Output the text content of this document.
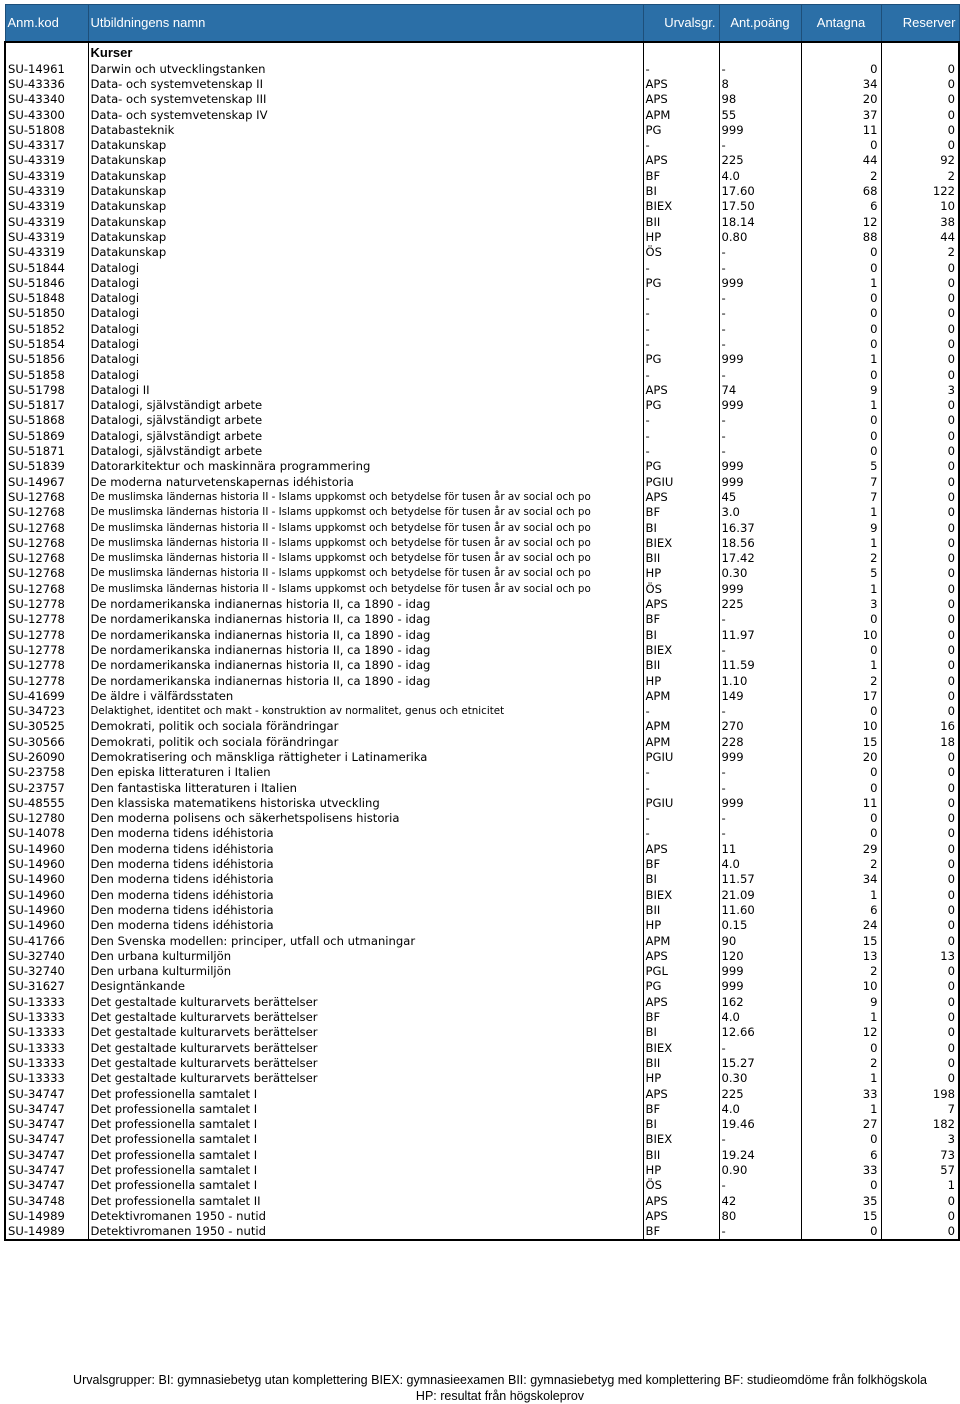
Anm.kod	Utbildningens namn	Urvalsgr.	Ant.poäng	Antagna	Reserver
	Kurser				
SU-14961	Darwin och utvecklingstanken	-	-	0	0
SU-43336	Data- och systemvetenskap II	APS	8	34	0
SU-43340	Data- och systemvetenskap III	APS	98	20	0
SU-43300	Data- och systemvetenskap IV	APM	55	37	0
SU-51808	Databasteknik	PG	999	11	0
SU-43317	Datakunskap	-	-	0	0
SU-43319	Datakunskap	APS	225	44	92
SU-43319	Datakunskap	BF	4.0	2	2
SU-43319	Datakunskap	BI	17.60	68	122
SU-43319	Datakunskap	BIEX	17.50	6	10
SU-43319	Datakunskap	BII	18.14	12	38
SU-43319	Datakunskap	HP	0.80	88	44
SU-43319	Datakunskap	ÖS	-	0	2
SU-51844	Datalogi	-	-	0	0
SU-51846	Datalogi	PG	999	1	0
SU-51848	Datalogi	-	-	0	0
SU-51850	Datalogi	-	-	0	0
SU-51852	Datalogi	-	-	0	0
SU-51854	Datalogi	-	-	0	0
SU-51856	Datalogi	PG	999	1	0
SU-51858	Datalogi	-	-	0	0
SU-51798	Datalogi II	APS	74	9	3
SU-51817	Datalogi, självständigt arbete	PG	999	1	0
SU-51868	Datalogi, självständigt arbete	-	-	0	0
SU-51869	Datalogi, självständigt arbete	-	-	0	0
SU-51871	Datalogi, självständigt arbete	-	-	0	0
SU-51839	Datorarkitektur och maskinnära programmering	PG	999	5	0
SU-14967	De moderna naturvetenskapernas idéhistoria	PGIU	999	7	0
SU-12768	De muslimska ländernas historia II - Islams uppkomst och betydelse för tusen år av social och po	APS	45	7	0
SU-12768	De muslimska ländernas historia II - Islams uppkomst och betydelse för tusen år av social och po	BF	3.0	1	0
SU-12768	De muslimska ländernas historia II - Islams uppkomst och betydelse för tusen år av social och po	BI	16.37	9	0
SU-12768	De muslimska ländernas historia II - Islams uppkomst och betydelse för tusen år av social och po	BIEX	18.56	1	0
SU-12768	De muslimska ländernas historia II - Islams uppkomst och betydelse för tusen år av social och po	BII	17.42	2	0
SU-12768	De muslimska ländernas historia II - Islams uppkomst och betydelse för tusen år av social och po	HP	0.30	5	0
SU-12768	De muslimska ländernas historia II - Islams uppkomst och betydelse för tusen år av social och po	ÖS	999	1	0
SU-12778	De nordamerikanska indianernas historia II, ca 1890 - idag	APS	225	3	0
SU-12778	De nordamerikanska indianernas historia II, ca 1890 - idag	BF	-	0	0
SU-12778	De nordamerikanska indianernas historia II, ca 1890 - idag	BI	11.97	10	0
SU-12778	De nordamerikanska indianernas historia II, ca 1890 - idag	BIEX	-	0	0
SU-12778	De nordamerikanska indianernas historia II, ca 1890 - idag	BII	11.59	1	0
SU-12778	De nordamerikanska indianernas historia II, ca 1890 - idag	HP	1.10	2	0
SU-41699	De äldre i välfärdsstaten	APM	149	17	0
SU-34723	Delaktighet, identitet och makt - konstruktion av normalitet, genus och etnicitet	-	-	0	0
SU-30525	Demokrati, politik och sociala förändringar	APM	270	10	16
SU-30566	Demokrati, politik och sociala förändringar	APM	228	15	18
SU-26090	Demokratisering och mänskliga rättigheter i Latinamerika	PGIU	999	20	0
SU-23758	Den episka litteraturen i Italien	-	-	0	0
SU-23757	Den fantastiska litteraturen i Italien	-	-	0	0
SU-48555	Den klassiska matematikens historiska utveckling	PGIU	999	11	0
SU-12780	Den moderna polisens och säkerhetspolisens historia	-	-	0	0
SU-14078	Den moderna tidens idéhistoria	-	-	0	0
SU-14960	Den moderna tidens idéhistoria	APS	11	29	0
SU-14960	Den moderna tidens idéhistoria	BF	4.0	2	0
SU-14960	Den moderna tidens idéhistoria	BI	11.57	34	0
SU-14960	Den moderna tidens idéhistoria	BIEX	21.09	1	0
SU-14960	Den moderna tidens idéhistoria	BII	11.60	6	0
SU-14960	Den moderna tidens idéhistoria	HP	0.15	24	0
SU-41766	Den Svenska modellen: principer, utfall och utmaningar	APM	90	15	0
SU-32740	Den urbana kulturmiljön	APS	120	13	13
SU-32740	Den urbana kulturmiljön	PGL	999	2	0
SU-31627	Designtänkande	PG	999	10	0
SU-13333	Det gestaltade kulturarvets berättelser	APS	162	9	0
SU-13333	Det gestaltade kulturarvets berättelser	BF	4.0	1	0
SU-13333	Det gestaltade kulturarvets berättelser	BI	12.66	12	0
SU-13333	Det gestaltade kulturarvets berättelser	BIEX	-	0	0
SU-13333	Det gestaltade kulturarvets berättelser	BII	15.27	2	0
SU-13333	Det gestaltade kulturarvets berättelser	HP	0.30	1	0
SU-34747	Det professionella samtalet I	APS	225	33	198
SU-34747	Det professionella samtalet I	BF	4.0	1	7
SU-34747	Det professionella samtalet I	BI	19.46	27	182
SU-34747	Det professionella samtalet I	BIEX	-	0	3
SU-34747	Det professionella samtalet I	BII	19.24	6	73
SU-34747	Det professionella samtalet I	HP	0.90	33	57
SU-34747	Det professionella samtalet I	ÖS	-	0	1
SU-34748	Det professionella samtalet II	APS	42	35	0
SU-14989	Detektivromanen 1950 - nutid	APS	80	15	0
SU-14989	Detektivromanen 1950 - nutid	BF	-	0	0
Urvalsgrupper: BI: gymnasiebetyg utan komplettering BIEX: gymnasieexamen BII: gymnasiebetyg med komplettering BF: studieomdöme från folkhögskola
HP: resultat från högskoleprov
